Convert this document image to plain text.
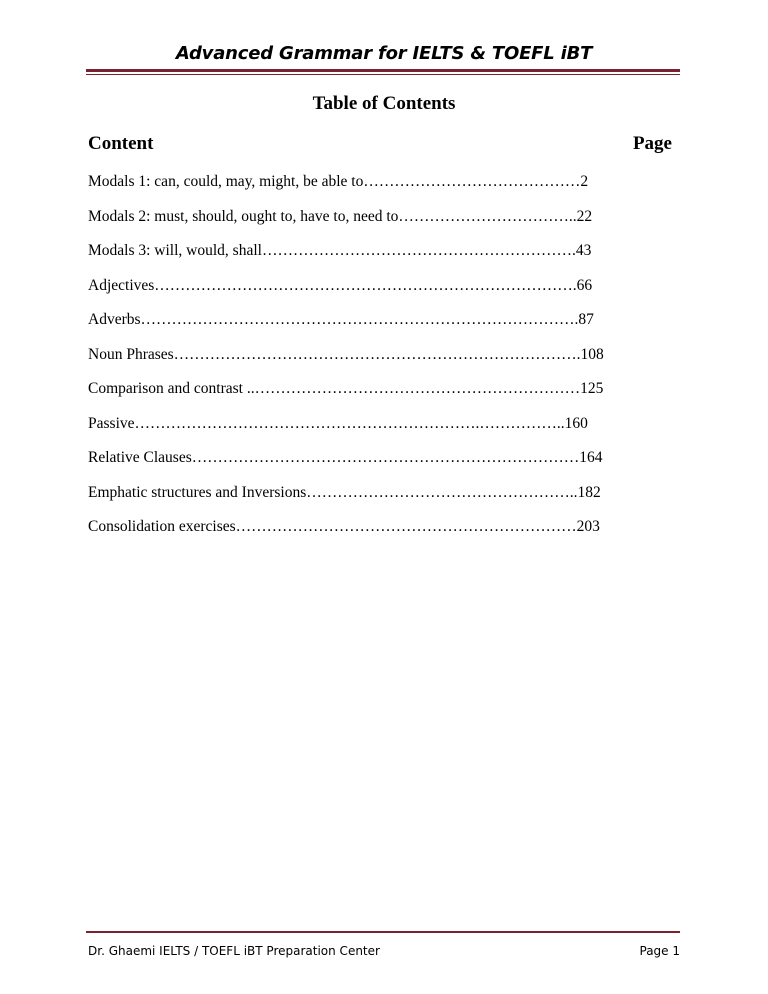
Advanced Grammar for IELTS & TOEFL iBT
Table of Contents
Content	Page
Modals 1: can, could, may, might, be able to……………………………………2
Modals 2: must, should, ought to, have to, need to……………………………..22
Modals 3: will, would, shall…………………………………………………….43
Adjectives……………………………………………………………………….66
Adverbs………………………………………………………………………….87
Noun Phrases…………………………………………………………………….108
Comparison and contrast ..………………………………………………………125
Passive………………………………………………………….……………..160
Relative Clauses…………………………………………………………………164
Emphatic structures and Inversions……………………………………………..182
Consolidation exercises…………………………………………………………203
Dr. Ghaemi IELTS / TOEFL iBT Preparation Center	Page 1
